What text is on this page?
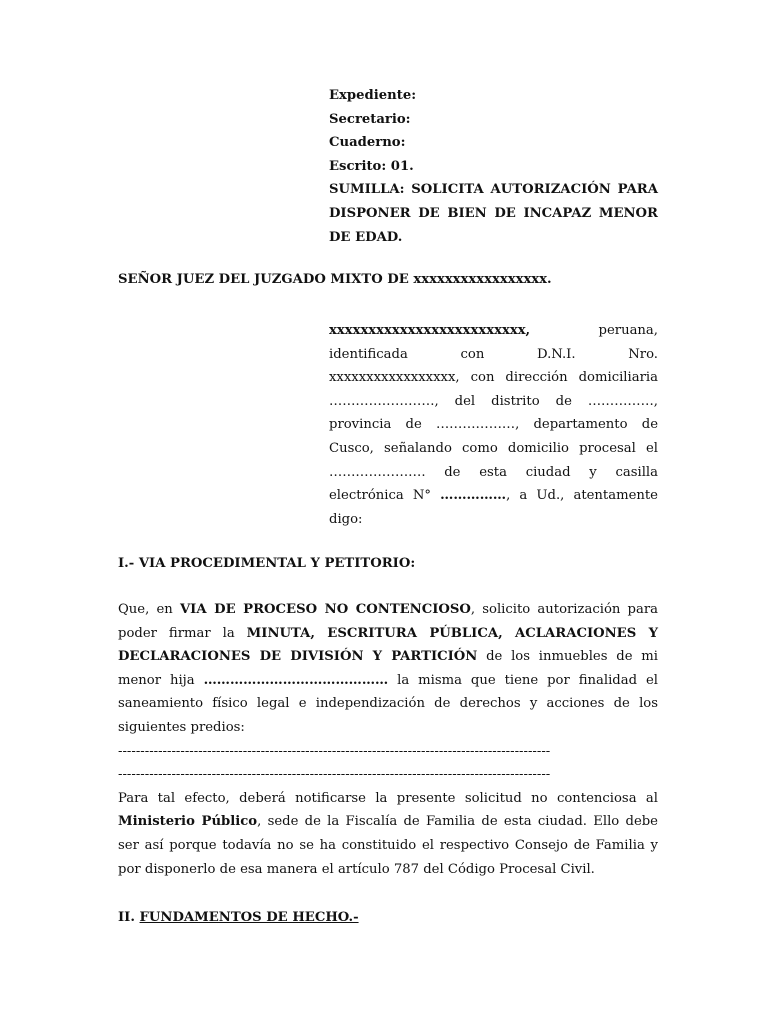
Expediente:
Secretario:
Cuaderno:
Escrito: 01.
SUMILLA: SOLICITA AUTORIZACIÓN PARA
DISPONER DE BIEN DE INCAPAZ MENOR
DE EDAD.
SEÑOR JUEZ DEL JUZGADO MIXTO DE xxxxxxxxxxxxxxxxx.
xxxxxxxxxxxxxxxxxxxxxxxxx,	peruana,
identificada con D.N.I. Nro.
xxxxxxxxxxxxxxxxx, con dirección domiciliaria
……………………, del distrito de ……………,
provincia de ………………, departamento de
Cusco, señalando como domicilio procesal el
…………………. de esta ciudad y casilla
electrónica N° ……………, a Ud., atentamente
digo:
I.- VIA PROCEDIMENTAL Y PETITORIO:
Que, en VIA DE PROCESO NO CONTENCIOSO, solicito autorización para
poder firmar la MINUTA, ESCRITURA PÚBLICA, ACLARACIONES Y
DECLARACIONES DE DIVISIÓN Y PARTICIÓN de los inmuebles de mi
menor hija …………………………………… la misma que tiene por finalidad el
saneamiento físico legal e independización de derechos y acciones de los
siguientes predios:
-------------------------------------------------------------------------------------------------
-------------------------------------------------------------------------------------------------
Para tal efecto, deberá notificarse la presente solicitud no contenciosa al
Ministerio Público, sede de la Fiscalía de Familia de esta ciudad. Ello debe
ser así porque todavía no se ha constituido el respectivo Consejo de Familia y
por disponerlo de esa manera el artículo 787 del Código Procesal Civil.
II. FUNDAMENTOS DE HECHO.-
